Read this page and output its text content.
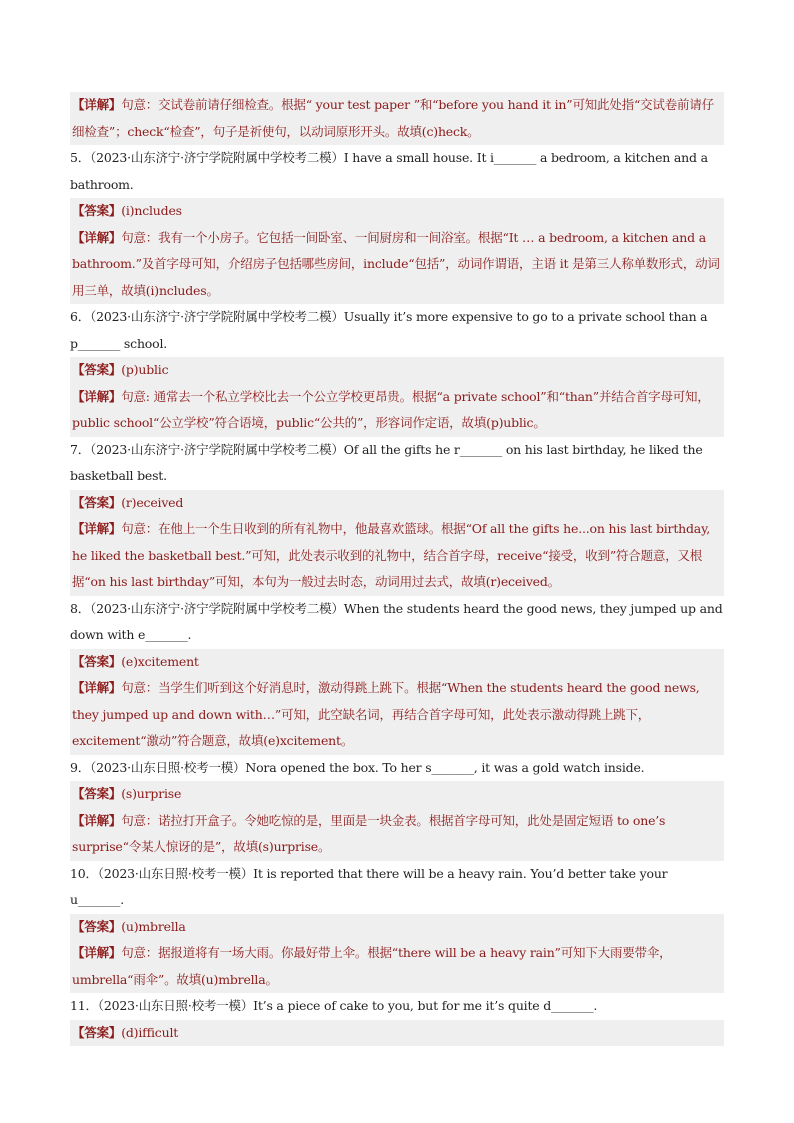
【详解】句意：交试卷前请仔细检查。根据“ your test paper ”和“before you hand it in”可知此处指“交试卷前请仔细检查”；check“检查”，句子是祈使句，以动词原形开头。故填(c)heck。
5．（2023·山东济宁·济宁学院附属中学校考二模）I have a small house. It i_______ a bedroom, a kitchen and a bathroom.
【答案】(i)ncludes
【详解】句意：我有一个小房子。它包括一间卧室、一间厨房和一间浴室。根据“It … a bedroom, a kitchen and a bathroom.”及首字母可知，介绍房子包括哪些房间，include“包括”，动词作谓语，主语 it 是第三人称单数形式，动词用三单，故填(i)ncludes。
6．（2023·山东济宁·济宁学院附属中学校考二模）Usually it’s more expensive to go to a private school than a p_______ school.
【答案】(p)ublic
【详解】句意: 通常去一个私立学校比去一个公立学校更昂贵。根据“a private school”和“than”并结合首字母可知，public school“公立学校”符合语境，public“公共的”，形容词作定语，故填(p)ublic。
7．（2023·山东济宁·济宁学院附属中学校考二模）Of all the gifts he r_______ on his last birthday, he liked the basketball best.
【答案】(r)eceived
【详解】句意：在他上一个生日收到的所有礼物中，他最喜欢篮球。根据“Of all the gifts he...on his last birthday, he liked the basketball best.”可知，此处表示收到的礼物中，结合首字母，receive“接受，收到”符合题意，又根据“on his last birthday”可知，本句为一般过去时态，动词用过去式，故填(r)eceived。
8．（2023·山东济宁·济宁学院附属中学校考二模）When the students heard the good news, they jumped up and down with e_______.
【答案】(e)xcitement
【详解】句意：当学生们听到这个好消息时，激动得跳上跳下。根据“When the students heard the good news, they jumped up and down with…”可知，此空缺名词，再结合首字母可知，此处表示激动得跳上跳下，excitement“激动”符合题意，故填(e)xcitement。
9．（2023·山东日照·校考一模）Nora opened the box. To her s_______, it was a gold watch inside.
【答案】(s)urprise
【详解】句意：诺拉打开盒子。令她吃惊的是，里面是一块金表。根据首字母可知，此处是固定短语 to one’s surprise“令某人惊讶的是”，故填(s)urprise。
10．（2023·山东日照·校考一模）It is reported that there will be a heavy rain. You’d better take your u_______.
【答案】(u)mbrella
【详解】句意：据报道将有一场大雨。你最好带上伞。根据“there will be a heavy rain”可知下大雨要带伞，umbrella“雨伞”。故填(u)mbrella。
11．（2023·山东日照·校考一模）It’s a piece of cake to you, but for me it’s quite d_______.
【答案】(d)ifficult
